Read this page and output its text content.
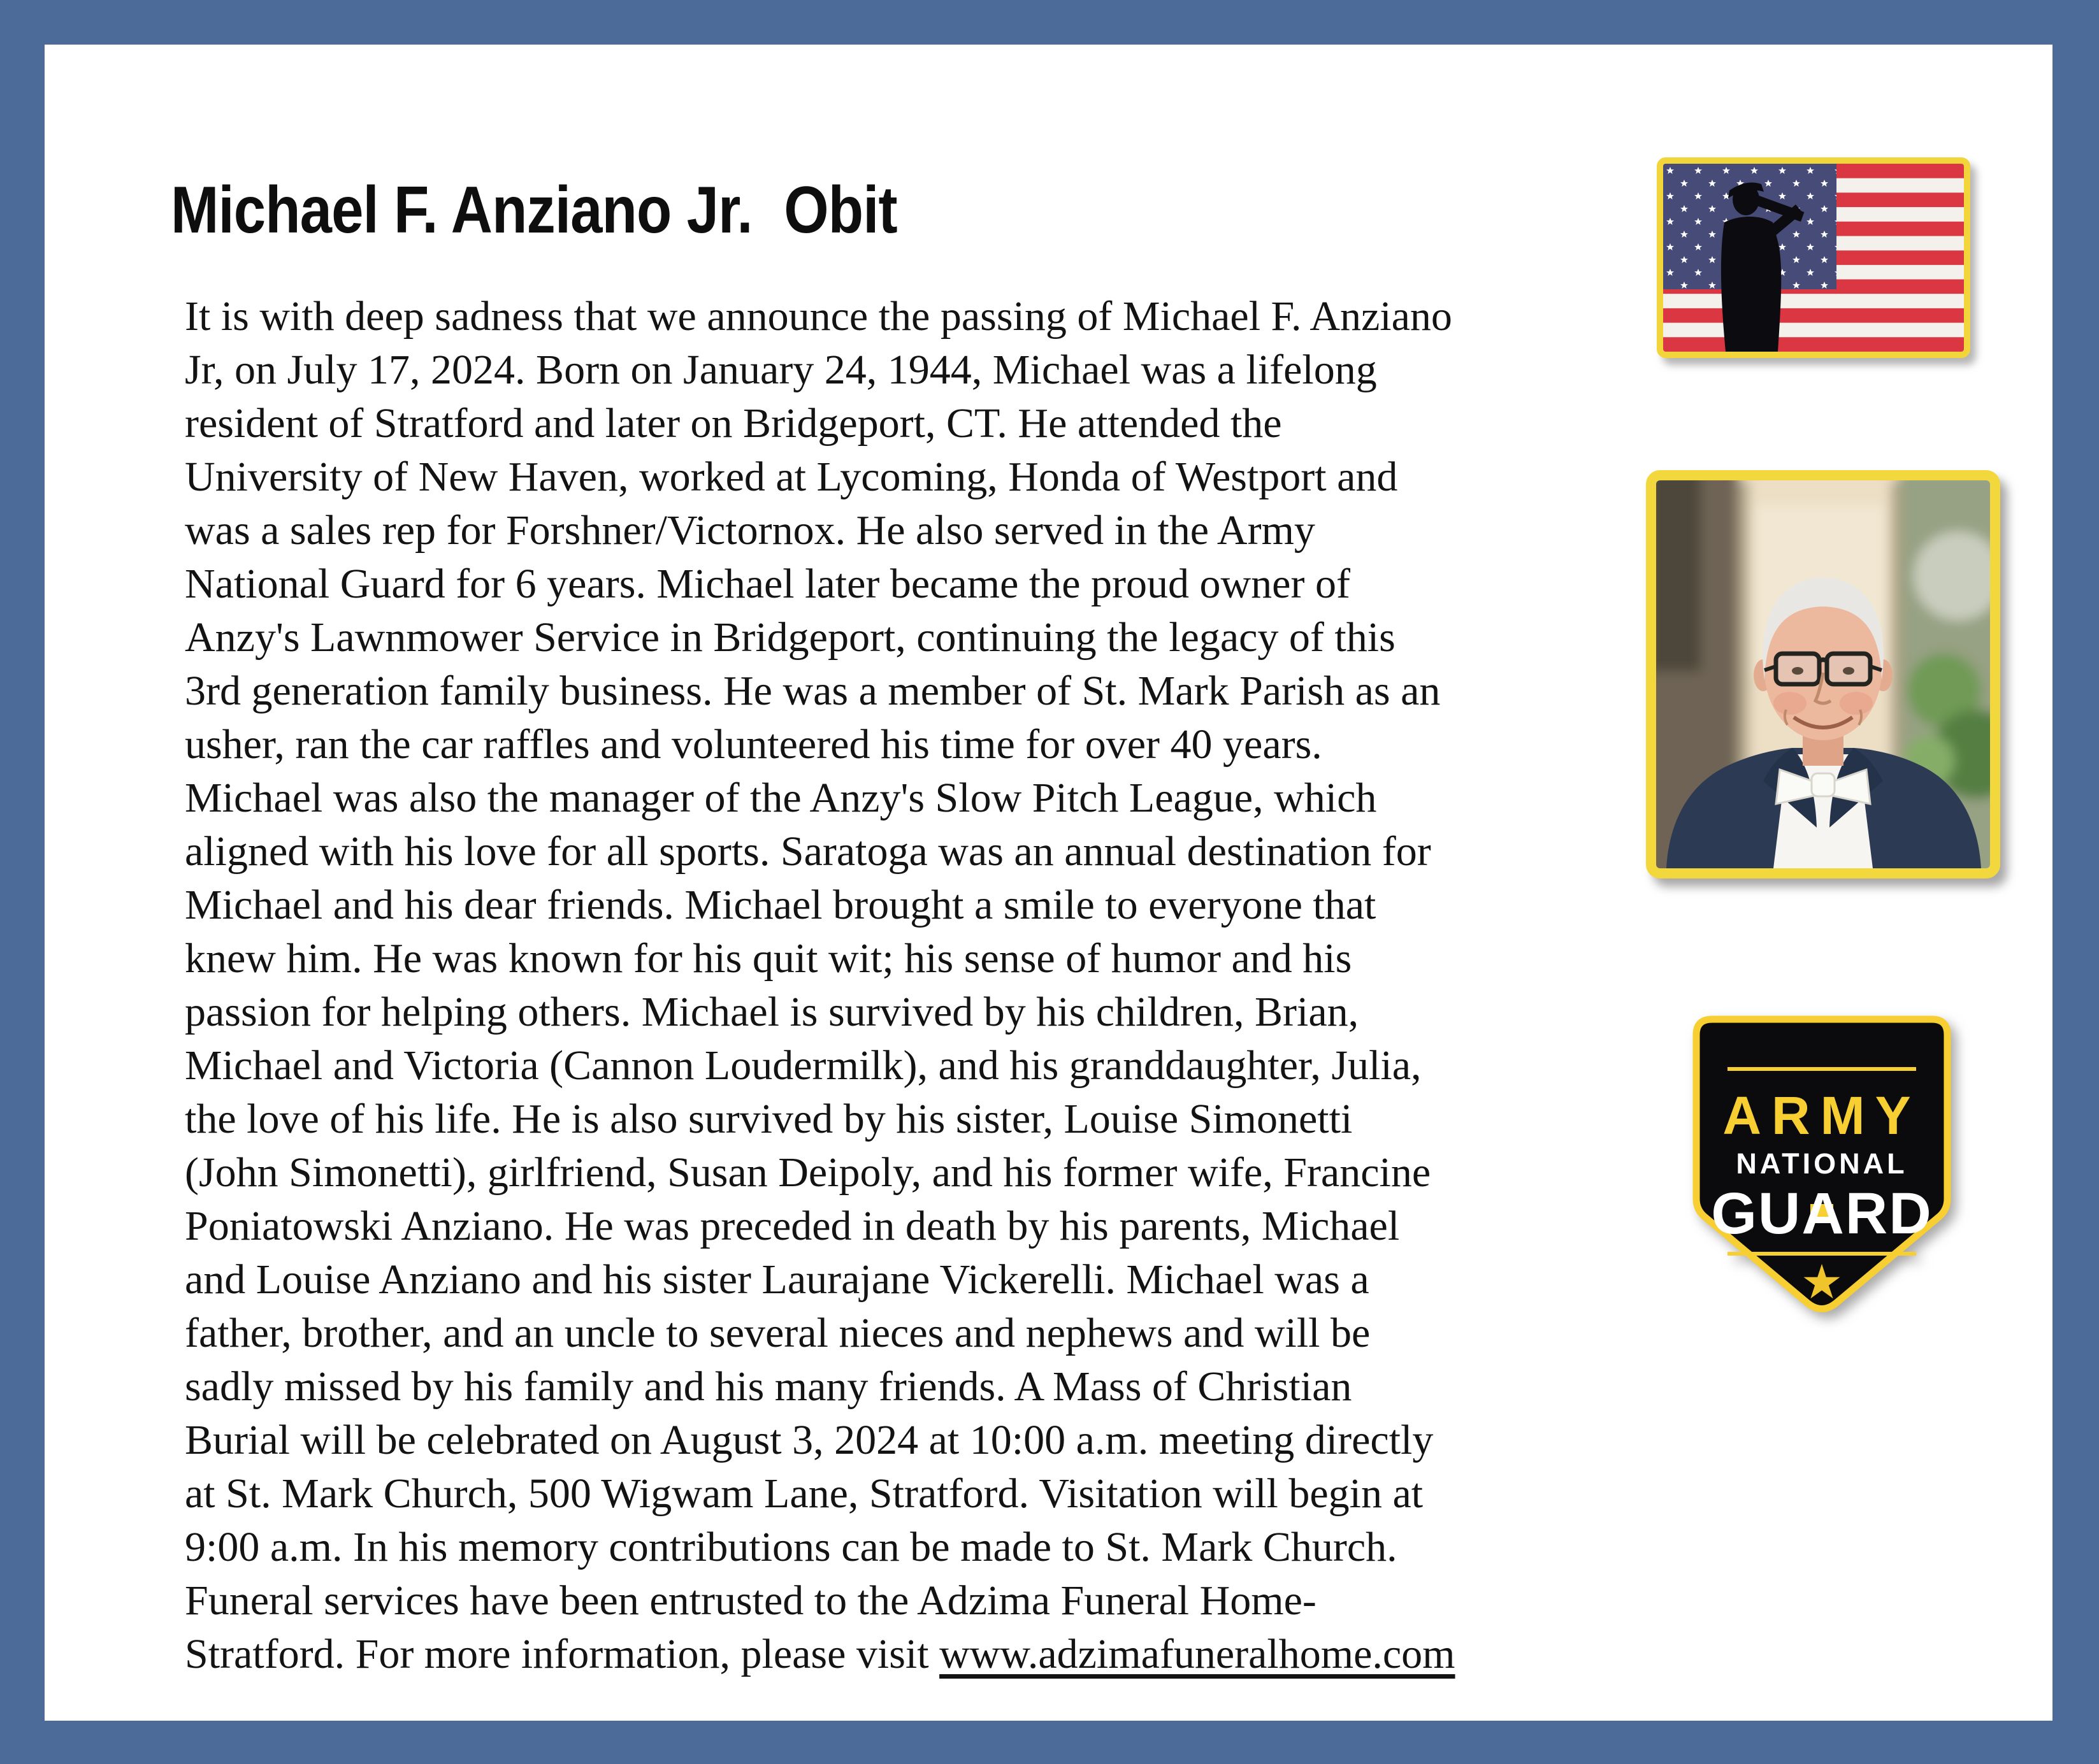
Michael F. Anziano Jr. Obit
It is with deep sadness that we announce the passing of Michael F. Anziano
Jr, on July 17, 2024. Born on January 24, 1944, Michael was a lifelong
resident of Stratford and later on Bridgeport, CT. He attended the
University of New Haven, worked at Lycoming, Honda of Westport and
was a sales rep for Forshner/Victornox. He also served in the Army
National Guard for 6 years. Michael later became the proud owner of
Anzy's Lawnmower Service in Bridgeport, continuing the legacy of this
3rd generation family business. He was a member of St. Mark Parish as an
usher, ran the car raffles and volunteered his time for over 40 years.
Michael was also the manager of the Anzy's Slow Pitch League, which
aligned with his love for all sports. Saratoga was an annual destination for
Michael and his dear friends. Michael brought a smile to everyone that
knew him. He was known for his quit wit; his sense of humor and his
passion for helping others. Michael is survived by his children, Brian,
Michael and Victoria (Cannon Loudermilk), and his granddaughter, Julia,
the love of his life. He is also survived by his sister, Louise Simonetti
(John Simonetti), girlfriend, Susan Deipoly, and his former wife, Francine
Poniatowski Anziano. He was preceded in death by his parents, Michael
and Louise Anziano and his sister Laurajane Vickerelli. Michael was a
father, brother, and an uncle to several nieces and nephews and will be
sadly missed by his family and his many friends. A Mass of Christian
Burial will be celebrated on August 3, 2024 at 10:00 a.m. meeting directly
at St. Mark Church, 500 Wigwam Lane, Stratford. Visitation will begin at
9:00 a.m. In his memory contributions can be made to St. Mark Church.
Funeral services have been entrusted to the Adzima Funeral Home-
Stratford. For more information, please visit www.adzimafuneralhome.com
ARMY
NATIONAL
GUARD
